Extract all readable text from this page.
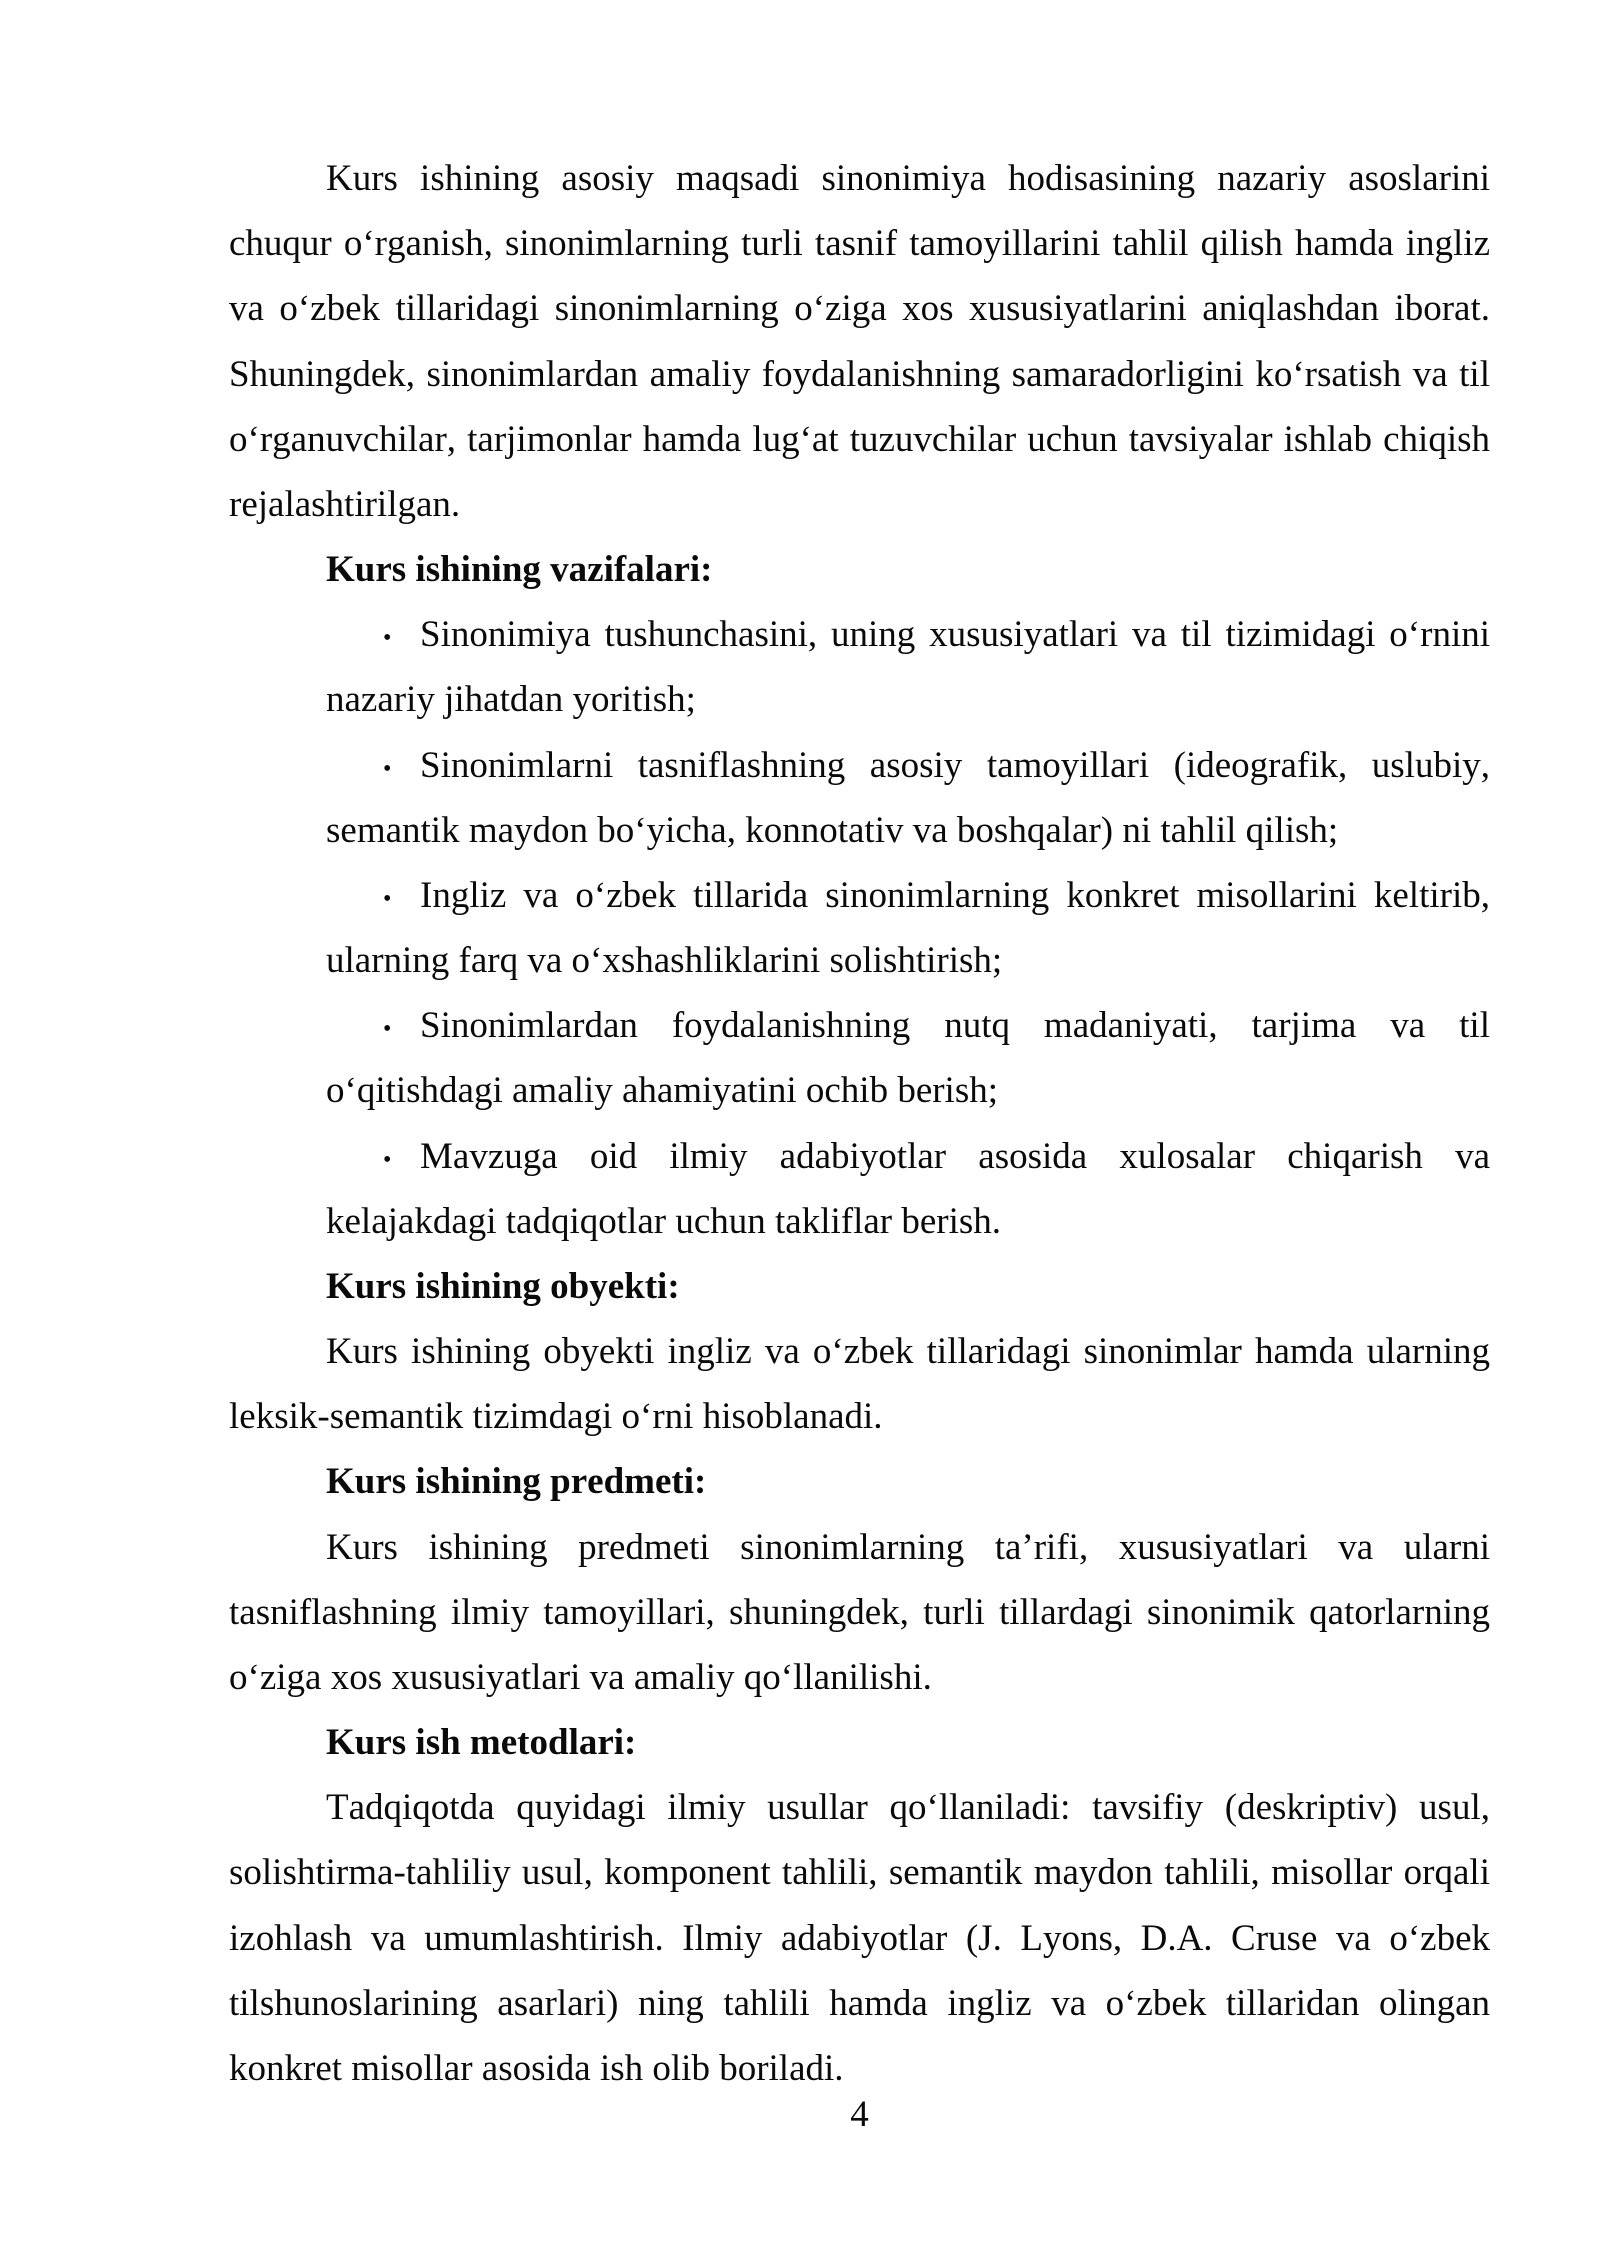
Kurs ishining asosiy maqsadi sinonimiya hodisasining nazariy asoslarini
chuqur o‘rganish, sinonimlarning turli tasnif tamoyillarini tahlil qilish hamda ingliz
va o‘zbek tillaridagi sinonimlarning o‘ziga xos xususiyatlarini aniqlashdan iborat.
Shuningdek, sinonimlardan amaliy foydalanishning samaradorligini ko‘rsatish va til
o‘rganuvchilar, tarjimonlar hamda lug‘at tuzuvchilar uchun tavsiyalar ishlab chiqish
rejalashtirilgan.
Kurs ishining vazifalari:
• Sinonimiya tushunchasini, uning xususiyatlari va til tizimidagi o‘rnini
nazariy jihatdan yoritish;
• Sinonimlarni tasniflashning asosiy tamoyillari (ideografik, uslubiy,
semantik maydon bo‘yicha, konnotativ va boshqalar) ni tahlil qilish;
• Ingliz va o‘zbek tillarida sinonimlarning konkret misollarini keltirib,
ularning farq va o‘xshashliklarini solishtirish;
• Sinonimlardan foydalanishning nutq madaniyati, tarjima va til
o‘qitishdagi amaliy ahamiyatini ochib berish;
• Mavzuga oid ilmiy adabiyotlar asosida xulosalar chiqarish va
kelajakdagi tadqiqotlar uchun takliflar berish.
Kurs ishining obyekti:
Kurs ishining obyekti ingliz va o‘zbek tillaridagi sinonimlar hamda ularning
leksik-semantik tizimdagi o‘rni hisoblanadi.
Kurs ishining predmeti:
Kurs ishining predmeti sinonimlarning ta’rifi, xususiyatlari va ularni
tasniflashning ilmiy tamoyillari, shuningdek, turli tillardagi sinonimik qatorlarning
o‘ziga xos xususiyatlari va amaliy qo‘llanilishi.
Kurs ish metodlari:
Tadqiqotda quyidagi ilmiy usullar qo‘llaniladi: tavsifiy (deskriptiv) usul,
solishtirma-tahliliy usul, komponent tahlili, semantik maydon tahlili, misollar orqali
izohlash va umumlashtirish. Ilmiy adabiyotlar (J. Lyons, D.A. Cruse va o‘zbek
tilshunoslarining asarlari) ning tahlili hamda ingliz va o‘zbek tillaridan olingan
konkret misollar asosida ish olib boriladi.
4
